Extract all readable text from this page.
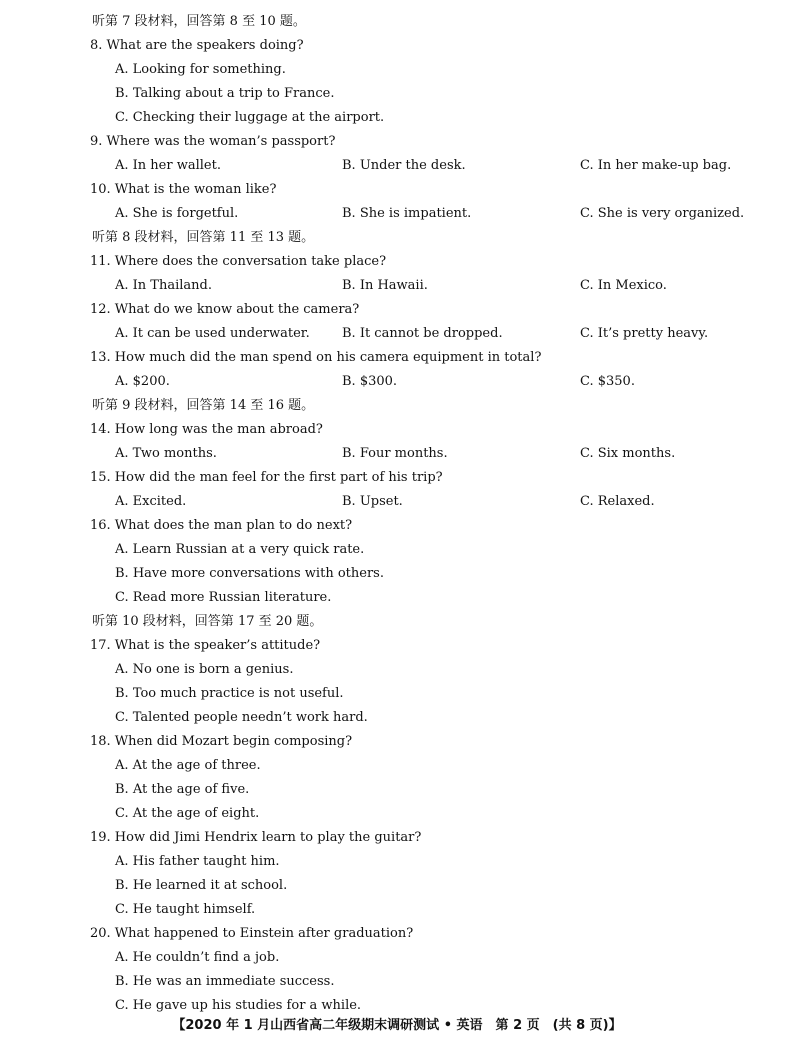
听第 7 段材料，回答第 8 至 10 题。
8. What are the speakers doing?
A. Looking for something.
B. Talking about a trip to France.
C. Checking their luggage at the airport.
9. Where was the woman’s passport?
A. In her wallet.	B. Under the desk.	C. In her make-up bag.
10. What is the woman like?
A. She is forgetful.	B. She is impatient.	C. She is very organized.
听第 8 段材料，回答第 11 至 13 题。
11. Where does the conversation take place?
A. In Thailand.	B. In Hawaii.	C. In Mexico.
12. What do we know about the camera?
A. It can be used underwater. B. It cannot be dropped.	C. It’s pretty heavy.
13. How much did the man spend on his camera equipment in total?
A. $200.	B. $300.	C. $350.
听第 9 段材料，回答第 14 至 16 题。
14. How long was the man abroad?
A. Two months.	B. Four months.	C. Six months.
15. How did the man feel for the first part of his trip?
A. Excited.	B. Upset.	C. Relaxed.
16. What does the man plan to do next?
A. Learn Russian at a very quick rate.
B. Have more conversations with others.
C. Read more Russian literature.
听第 10 段材料，回答第 17 至 20 题。
17. What is the speaker’s attitude?
A. No one is born a genius.
B. Too much practice is not useful.
C. Talented people needn’t work hard.
18. When did Mozart begin composing?
A. At the age of three.
B. At the age of five.
C. At the age of eight.
19. How did Jimi Hendrix learn to play the guitar?
A. His father taught him.
B. He learned it at school.
C. He taught himself.
20. What happened to Einstein after graduation?
A. He couldn’t find a job.
B. He was an immediate success.
C. He gave up his studies for a while.
【2020 年 1 月山西省高二年级期末调研测试 • 英语　第 2 页　(共 8 页)】
